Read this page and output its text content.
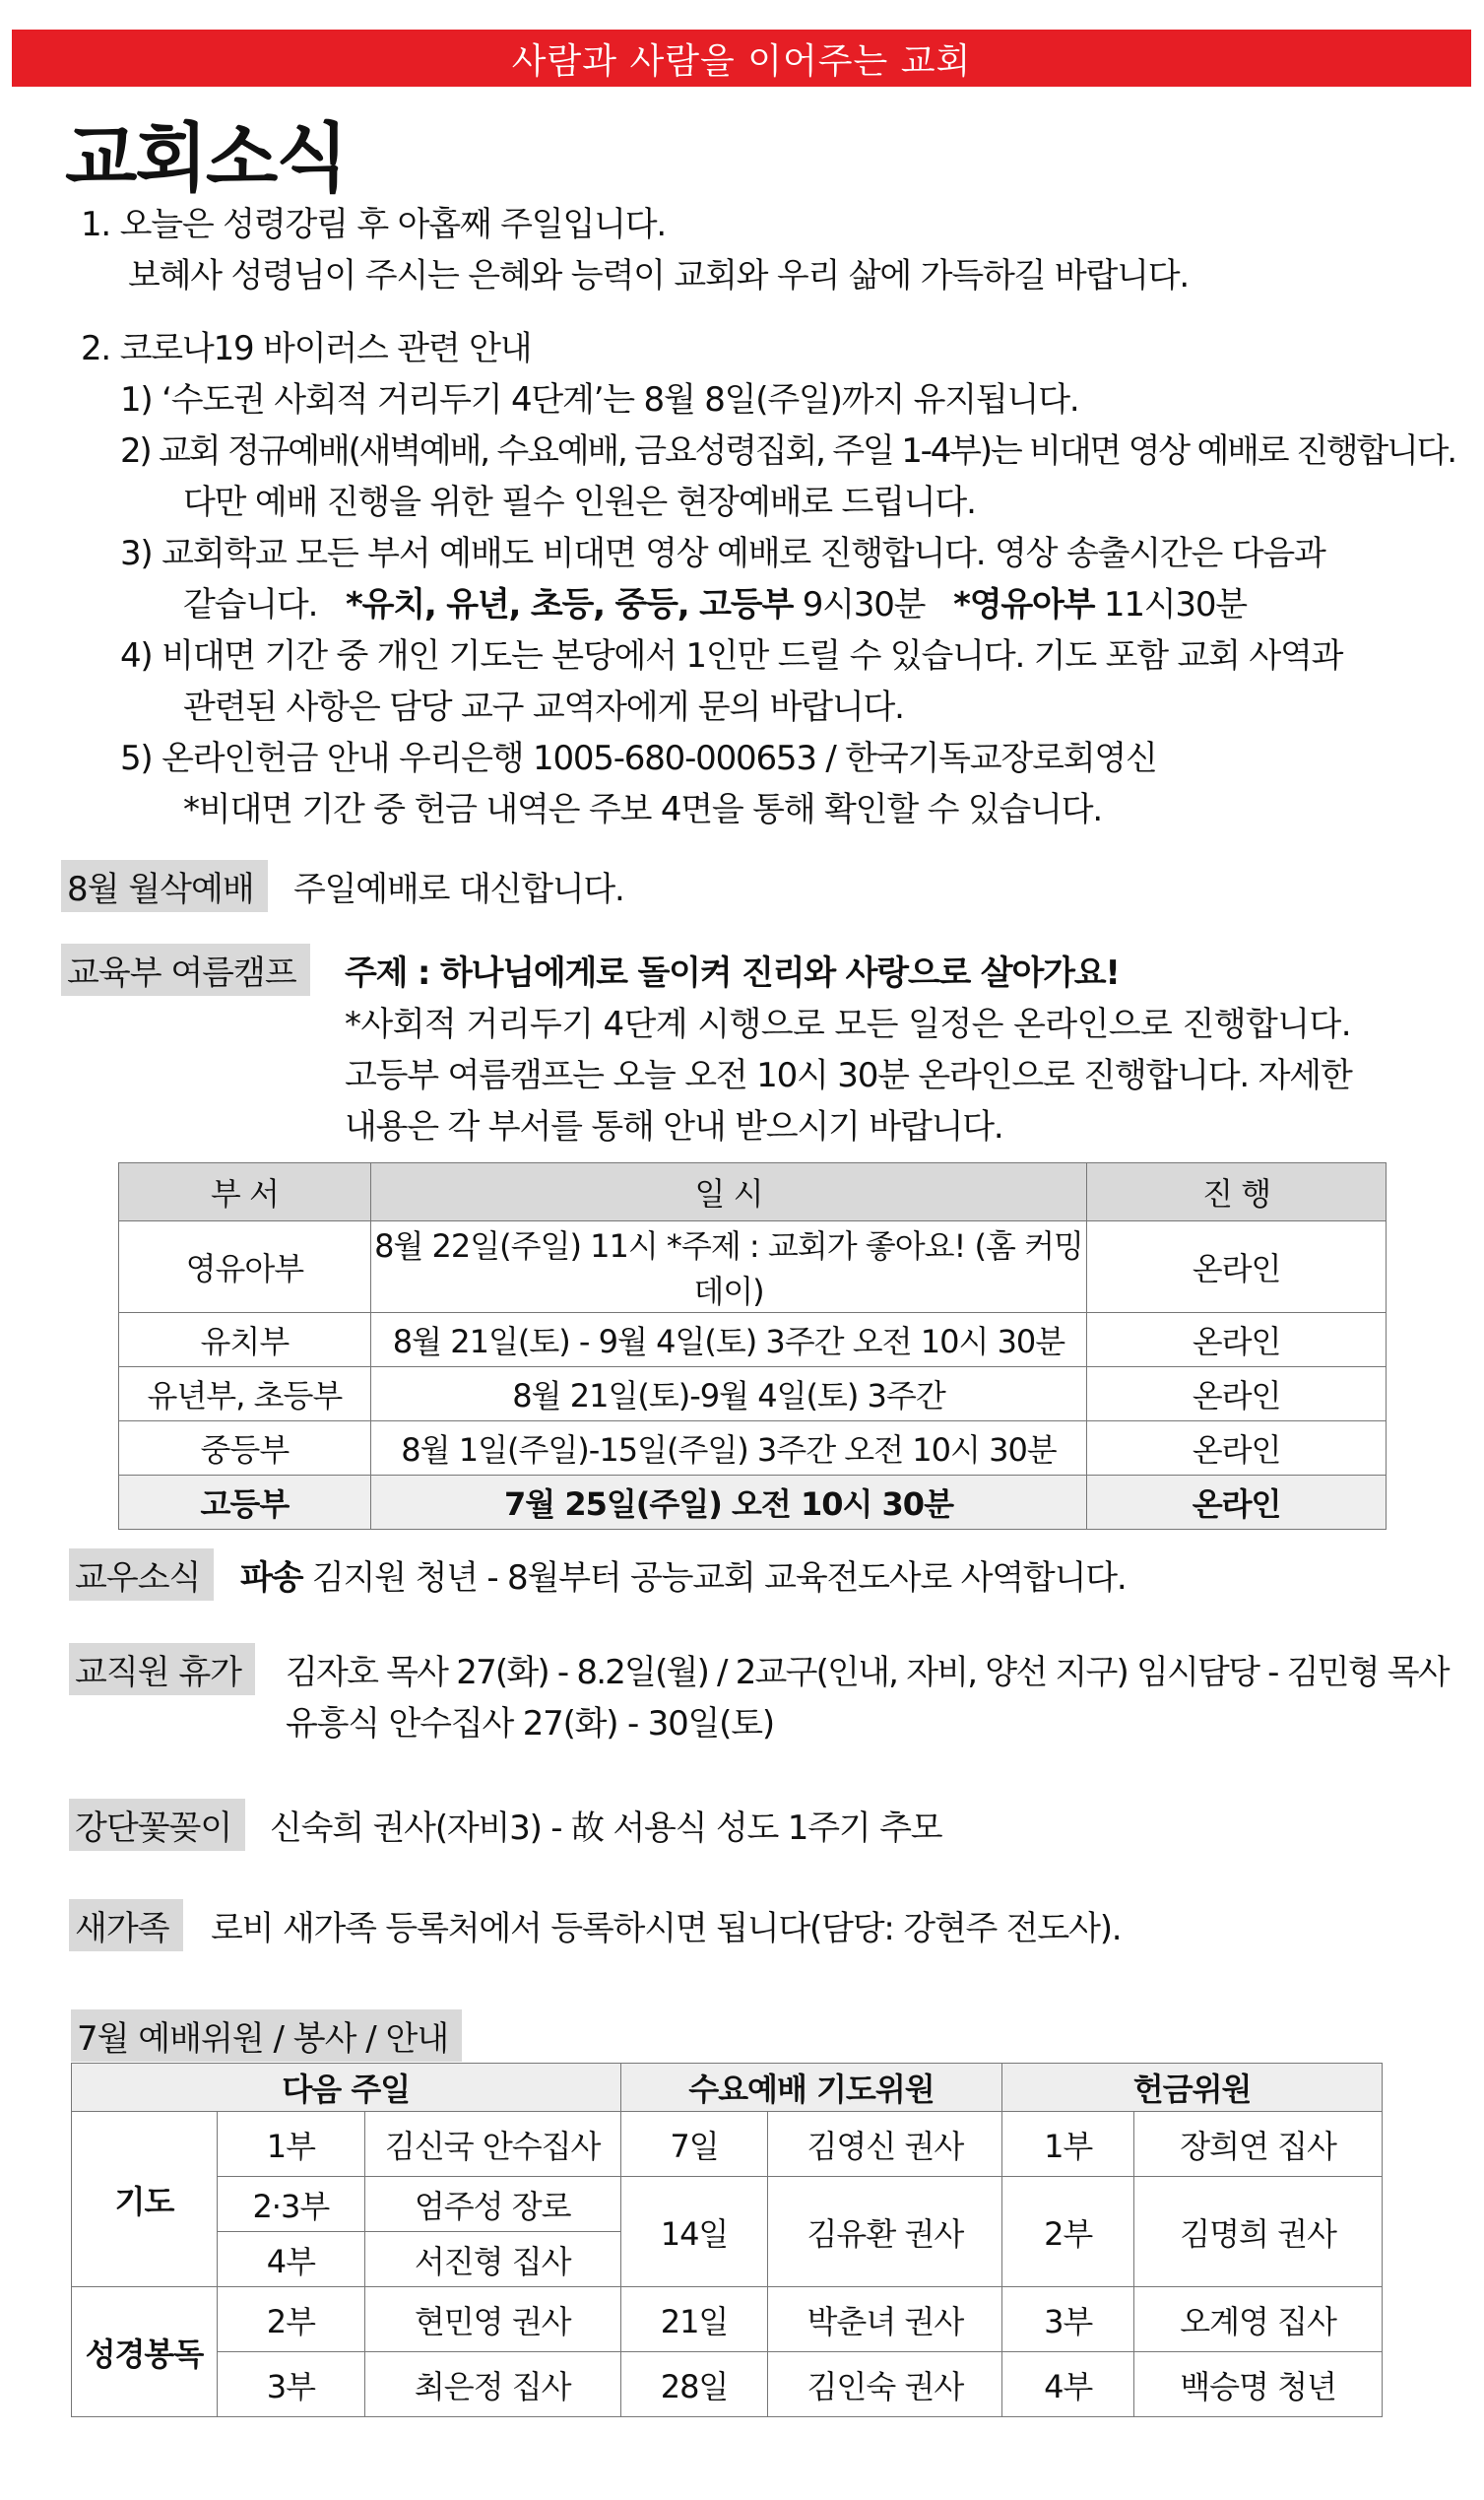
사람과 사람을 이어주는 교회
교회소식
1. 오늘은 성령강림 후 아홉째 주일입니다.
보혜사 성령님이 주시는 은혜와 능력이 교회와 우리 삶에 가득하길 바랍니다.
2. 코로나19 바이러스 관련 안내
1) ‘수도권 사회적 거리두기 4단계’는 8월 8일(주일)까지 유지됩니다.
2) 교회 정규예배(새벽예배, 수요예배, 금요성령집회, 주일 1-4부)는 비대면 영상 예배로 진행합니다.
다만 예배 진행을 위한 필수 인원은 현장예배로 드립니다.
3) 교회학교 모든 부서 예배도 비대면 영상 예배로 진행합니다. 영상 송출시간은 다음과
같습니다. *유치, 유년, 초등, 중등, 고등부 9시30분 *영유아부 11시30분
4) 비대면 기간 중 개인 기도는 본당에서 1인만 드릴 수 있습니다. 기도 포함 교회 사역과
관련된 사항은 담당 교구 교역자에게 문의 바랍니다.
5) 온라인헌금 안내 우리은행 1005-680-000653 / 한국기독교장로회영신
*비대면 기간 중 헌금 내역은 주보 4면을 통해 확인할 수 있습니다.
8월 월삭예배	주일예배로 대신합니다.
교육부 여름캠프	주제 : 하나님에게로 돌이켜 진리와 사랑으로 살아가요!
*사회적 거리두기 4단계 시행으로 모든 일정은 온라인으로 진행합니다.
고등부 여름캠프는 오늘 오전 10시 30분 온라인으로 진행합니다. 자세한
내용은 각 부서를 통해 안내 받으시기 바랍니다.
부 서	일 시	진 행
영유아부	8월 22일(주일) 11시 *주제 : 교회가 좋아요! (홈 커밍 데이)	온라인
유치부	8월 21일(토) - 9월 4일(토) 3주간 오전 10시 30분	온라인
유년부, 초등부	8월 21일(토)-9월 4일(토) 3주간	온라인
중등부	8월 1일(주일)-15일(주일) 3주간 오전 10시 30분	온라인
고등부	7월 25일(주일) 오전 10시 30분	온라인
교우소식	파송 김지원 청년 - 8월부터 공능교회 교육전도사로 사역합니다.
교직원 휴가	김자호 목사 27(화) - 8.2일(월) / 2교구(인내, 자비, 양선 지구) 임시담당 - 김민형 목사
유흥식 안수집사 27(화) - 30일(토)
강단꽃꽂이	신숙희 권사(자비3) - 故 서용식 성도 1주기 추모
새가족	로비 새가족 등록처에서 등록하시면 됩니다(담당: 강현주 전도사).
7월 예배위원 / 봉사 / 안내
다음 주일			수요예배 기도위원		헌금위원	
기도	1부	김신국 안수집사	7일	김영신 권사	1부	장희연 집사
	2·3부	엄주성 장로	14일	김유환 권사	2부	김명희 권사
	4부	서진형 집사				
성경봉독	2부	현민영 권사	21일	박춘녀 권사	3부	오계영 집사
	3부	최은정 집사	28일	김인숙 권사	4부	백승명 청년
